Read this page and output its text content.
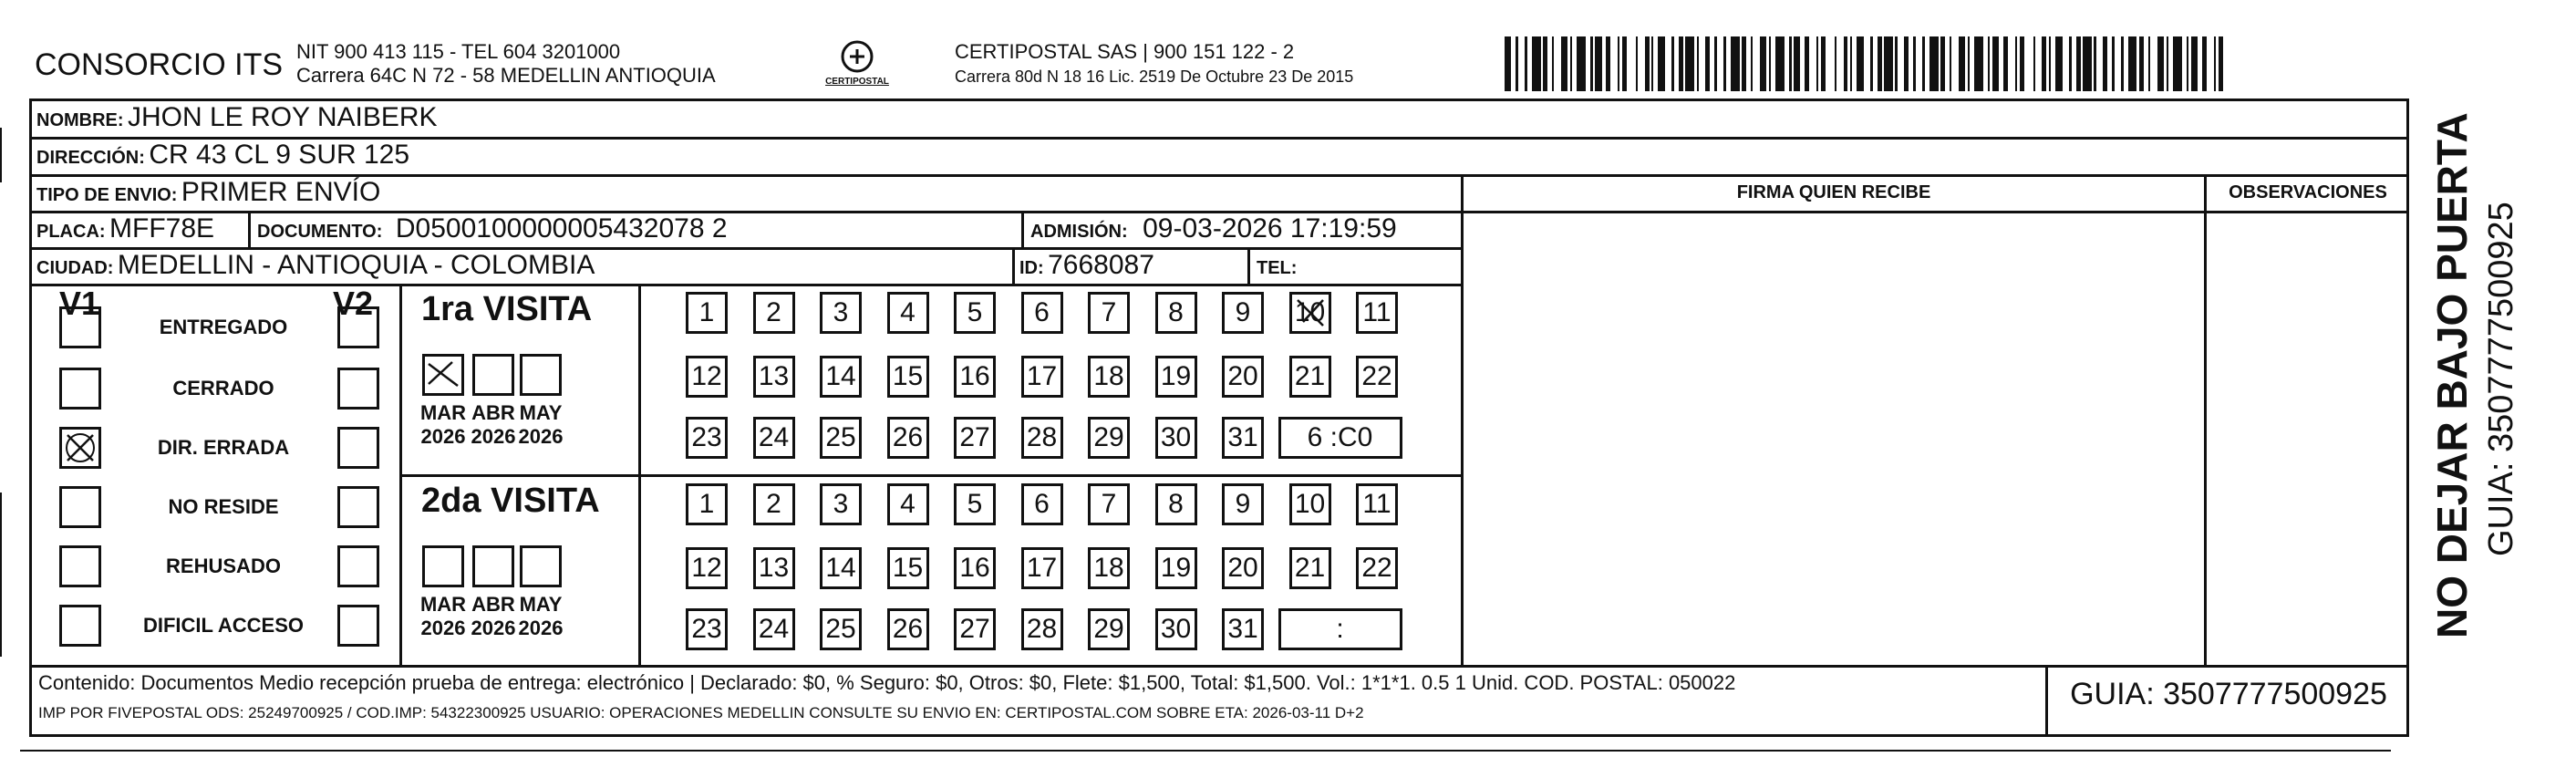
CONSORCIO ITS NIT 900 413 115 - TEL 604 3201000
Carrera 64C N 72 - 58 MEDELLIN ANTIOQUIA	CERTIPOSTAL
CERTIPOSTAL SAS | 900 151 122 - 2
Carrera 80d N 18 16 Lic. 2519 De Octubre 23 De 2015
NOMBRE: JHON LE ROY NAIBERK
DIRECCIÓN: CR 43 CL 9 SUR 125
TIPO DE ENVIO: PRIMER ENVÍO
PLACA: MFF78E DOCUMENTO: D0500100000005432078 2	ADMISIÓN: 09-03-2026 17:19:59
CIUDAD: MEDELLIN - ANTIOQUIA - COLOMBIA	ID: 7668087	TEL:
FIRMA QUIEN RECIBE	OBSERVACIONES
V1	V2
ENTREGADO
CERRADO
DIR. ERRADA
NO RESIDE
REHUSADO
DIFICIL ACCESO
1ra VISITA
MAR
2026
ABR
2026
MAY
2026
1 2 3 4 5 6 7 8 9 10 11
12 13 14 15 16 17 18 19 20 21 22
23 24 25 26 27 28 29 30 31 6 :C0
2da VISITA
MAR
2026
ABR
2026
MAY
2026
1 2 3 4 5 6 7 8 9 10 11
12 13 14 15 16 17 18 19 20 21 22
23 24 25 26 27 28 29 30 31	:
Contenido: Documentos Medio recepción prueba de entrega: electrónico | Declarado: $0, % Seguro: $0, Otros: $0, Flete: $1,500, Total: $1,500. Vol.: 1*1*1. 0.5 1 Unid. COD. POSTAL: 050022
IMP POR FIVEPOSTAL ODS: 25249700925 / COD.IMP: 54322300925 USUARIO: OPERACIONES MEDELLIN CONSULTE SU ENVIO EN: CERTIPOSTAL.COM SOBRE ETA: 2026-03-11 D+2
GUIA: 3507777500925
NO DEJAR BAJO PUERTA GUIA: 3507777500925
